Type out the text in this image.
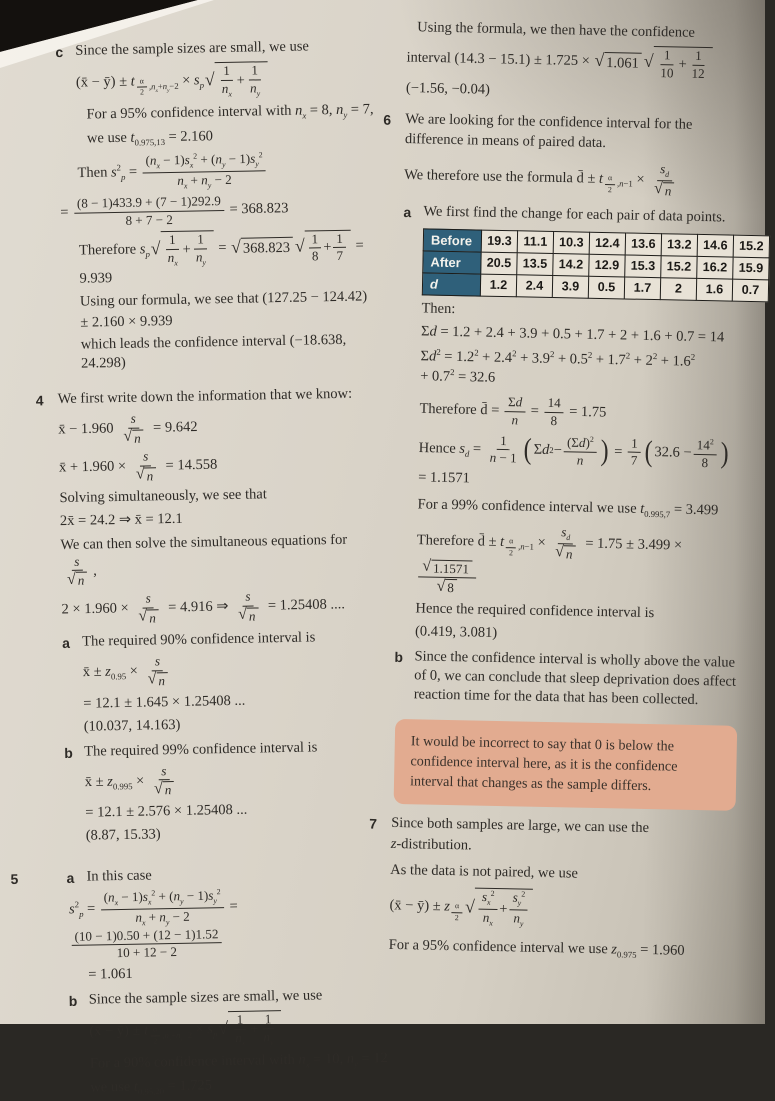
c Since the sample sizes are small, we use

(x̄ − ȳ) ± t $_{\frac{\alpha}{2} ,n_x+n_y-2} \times s_p$ √ $\frac{1}{n_x} + \frac{1}{n_y}$

For a 95% confidence interval with $n_x = 8$, $n_y = 7$,

we use $t_{0.975,13} = 2.160$

Then $s^2_p = \frac{(n_x - 1)s_x^2 + (n_y - 1)s_y^2}{n_x + n_y - 2}$

= $\frac{(8 - 1)433.9 + (7 - 1)292.9}{8 + 7 - 2} = 368.823$

Therefore $s_p$ √ $\frac{1}{n_x} + \frac{1}{n_y}$ = √ 368.823 √ $\frac{1}{8} + \frac{1}{7} = 9.939$

Using our formula, we see that (127.25 − 124.42)

± 2.160 × 9.939

which leads the confidence interval (−18.638, 24.298)

4 We first write down the information that we know:

x̄ − $1.960 \frac{s}{√ n} = 9.642$

x̄ + $1.960 \times \frac{s}{√ n} = 14.558$

Solving simultaneously, we see that

2x̄ = 24.2 ⇒ x̄ = 12.1

We can then solve the simultaneous equations for
$\frac{s}{√ n}$ ,

$2 \times 1.960 \times \frac{s}{√ n} = 4.916$ ⇒ $\frac{s}{√ n} = 1.25408$ ....

a The required 90% confidence interval is

x̄ ± $z_{0.95} \times \frac{s}{√ n}$

= 12.1 ± 1.645 × 1.25408 ...

(10.037, 14.163)

b The required 99% confidence interval is

x̄ ± $z_{0.995} \times \frac{s}{√ n}$

= 12.1 ± 2.576 × 1.25408 ...

(8.87, 15.33)

5	a In this case

$s^2_p = \frac{(n_x - 1)s_x^2 + (n_y - 1)s_y^2}{n_x + n_y - 2}$ =
$\frac{(10 - 1)0.50 + (12 - 1)1.52}{10 + 12 - 2}$

= 1.061

b Since the sample sizes are small, we use

(x̄ − ȳ) ± t $_{\frac{\alpha}{2} ,n_x+n_y-2} \times s_p$ √ $\frac{1}{n_x} + \frac{1}{n_y}$

For a 90% confidence interval with $n_x = 10$, $n_y = 12$

we use $t_{0.95,20} = 1.725$

Using the formula, we then have the confidence

interval (14.3 − 15.1) ± 1.725 × √ 1.061 √ $\frac{1}{10} + \frac{1}{12}$

(−1.56, −0.04)

6 We are looking for the confidence interval for the difference in means of paired data.

We therefore use the formula d̄ ± t $_{\frac{\alpha}{2} ,n-1} \times \frac{s_d}{√ n}$

a We first find the change for each pair of data points.

Before	19.3	11.1	10.3	12.4	13.6	13.2	14.6	15.2
After	20.5	13.5	14.2	12.9	15.3	15.2	16.2	15.9
d	1.2	2.4	3.9	0.5	1.7	2	1.6	0.7

Then:

Σd = 1.2 + 2.4 + 3.9 + 0.5 + 1.7 + 2 + 1.6 + 0.7 = 14

$\Sigma d^2 = 1.2^2 + 2.4^2 + 3.9^2 + 0.5^2 + 1.7^2 + 2^2 + 1.6^2$

+ $0.7^2 = 32.6$

Therefore d̄ = $\frac{\Sigma d}{n} = \frac{14}{8} = 1.75$

Hence $s_d = \frac{1}{n - 1}$ ( Σ d $2 - \frac{(\Sigma d)^2}{n}$ ) = $\frac{1}{7}$ ( $32.6 - \frac{14^2}{8}$ )

= 1.1571

For a 99% confidence interval we use $t_{0.995,7} = 3.499$

Therefore d̄ ± t $_{\frac{\alpha}{2} ,n-1} \times \frac{s_d}{√ n} = 1.75 \pm 3.499$ ×
$\frac{√ 1.1571}{√ 8}$

Hence the required confidence interval is

(0.419, 3.081)

b Since the confidence interval is wholly above the value of 0, we can conclude that sleep deprivation does affect reaction time for the data that has been collected.

It would be incorrect to say that 0 is below the confidence interval here, as it is the confidence interval that changes as the sample differs.
7 Since both samples are large, we can use the

z-distribution.

As the data is not paired, we use

(x̄ − ȳ) ± z $_{\frac{\alpha}{2}}$ √ $\frac{s_x^2}{n_x} + \frac{s_y^2}{n_y}$

For a 95% confidence interval we use $z_{0.975} = 1.960$
